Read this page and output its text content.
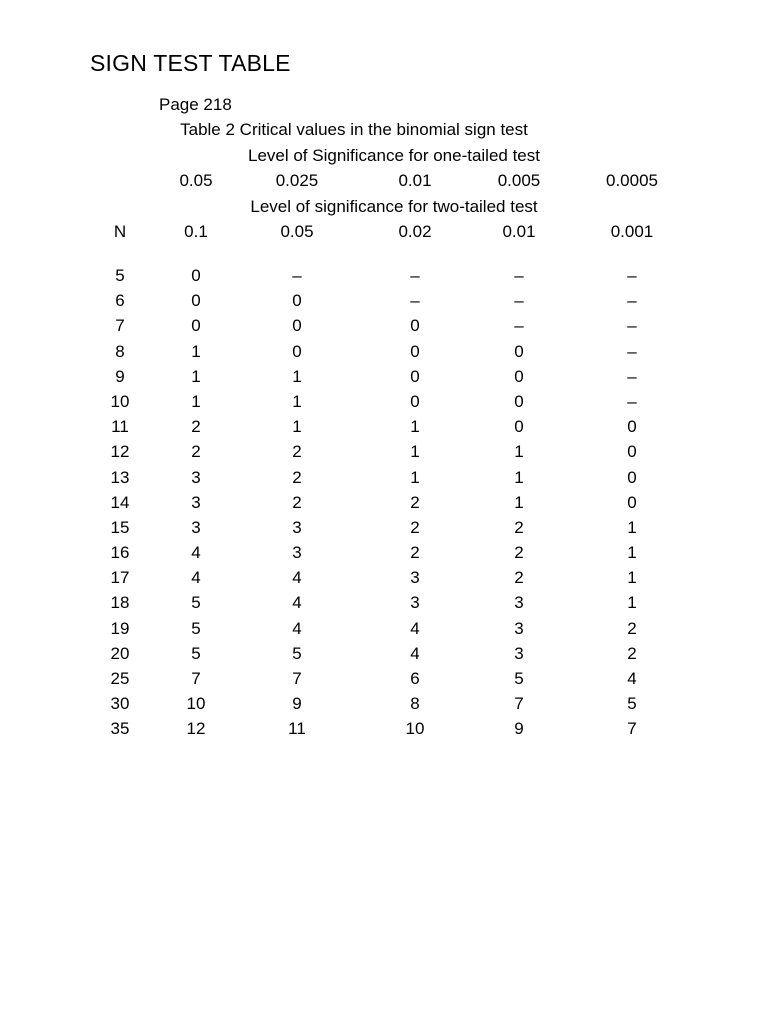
SIGN TEST TABLE
Page 218
Table 2 Critical values in the binomial sign test
Level of Significance for one-tailed test
0.05	0.025	0.01	0.005	0.0005
Level of significance for two-tailed test
N	0.1	0.05	0.02	0.01	0.001
5	0	–	–	–	–
6	0	0	–	–	–
7	0	0	0	–	–
8	1	0	0	0	–
9	1	1	0	0	–
10	1	1	0	0	–
11	2	1	1	0	0
12	2	2	1	1	0
13	3	2	1	1	0
14	3	2	2	1	0
15	3	3	2	2	1
16	4	3	2	2	1
17	4	4	3	2	1
18	5	4	3	3	1
19	5	4	4	3	2
20	5	5	4	3	2
25	7	7	6	5	4
30	10	9	8	7	5
35	12	11	10	9	7
